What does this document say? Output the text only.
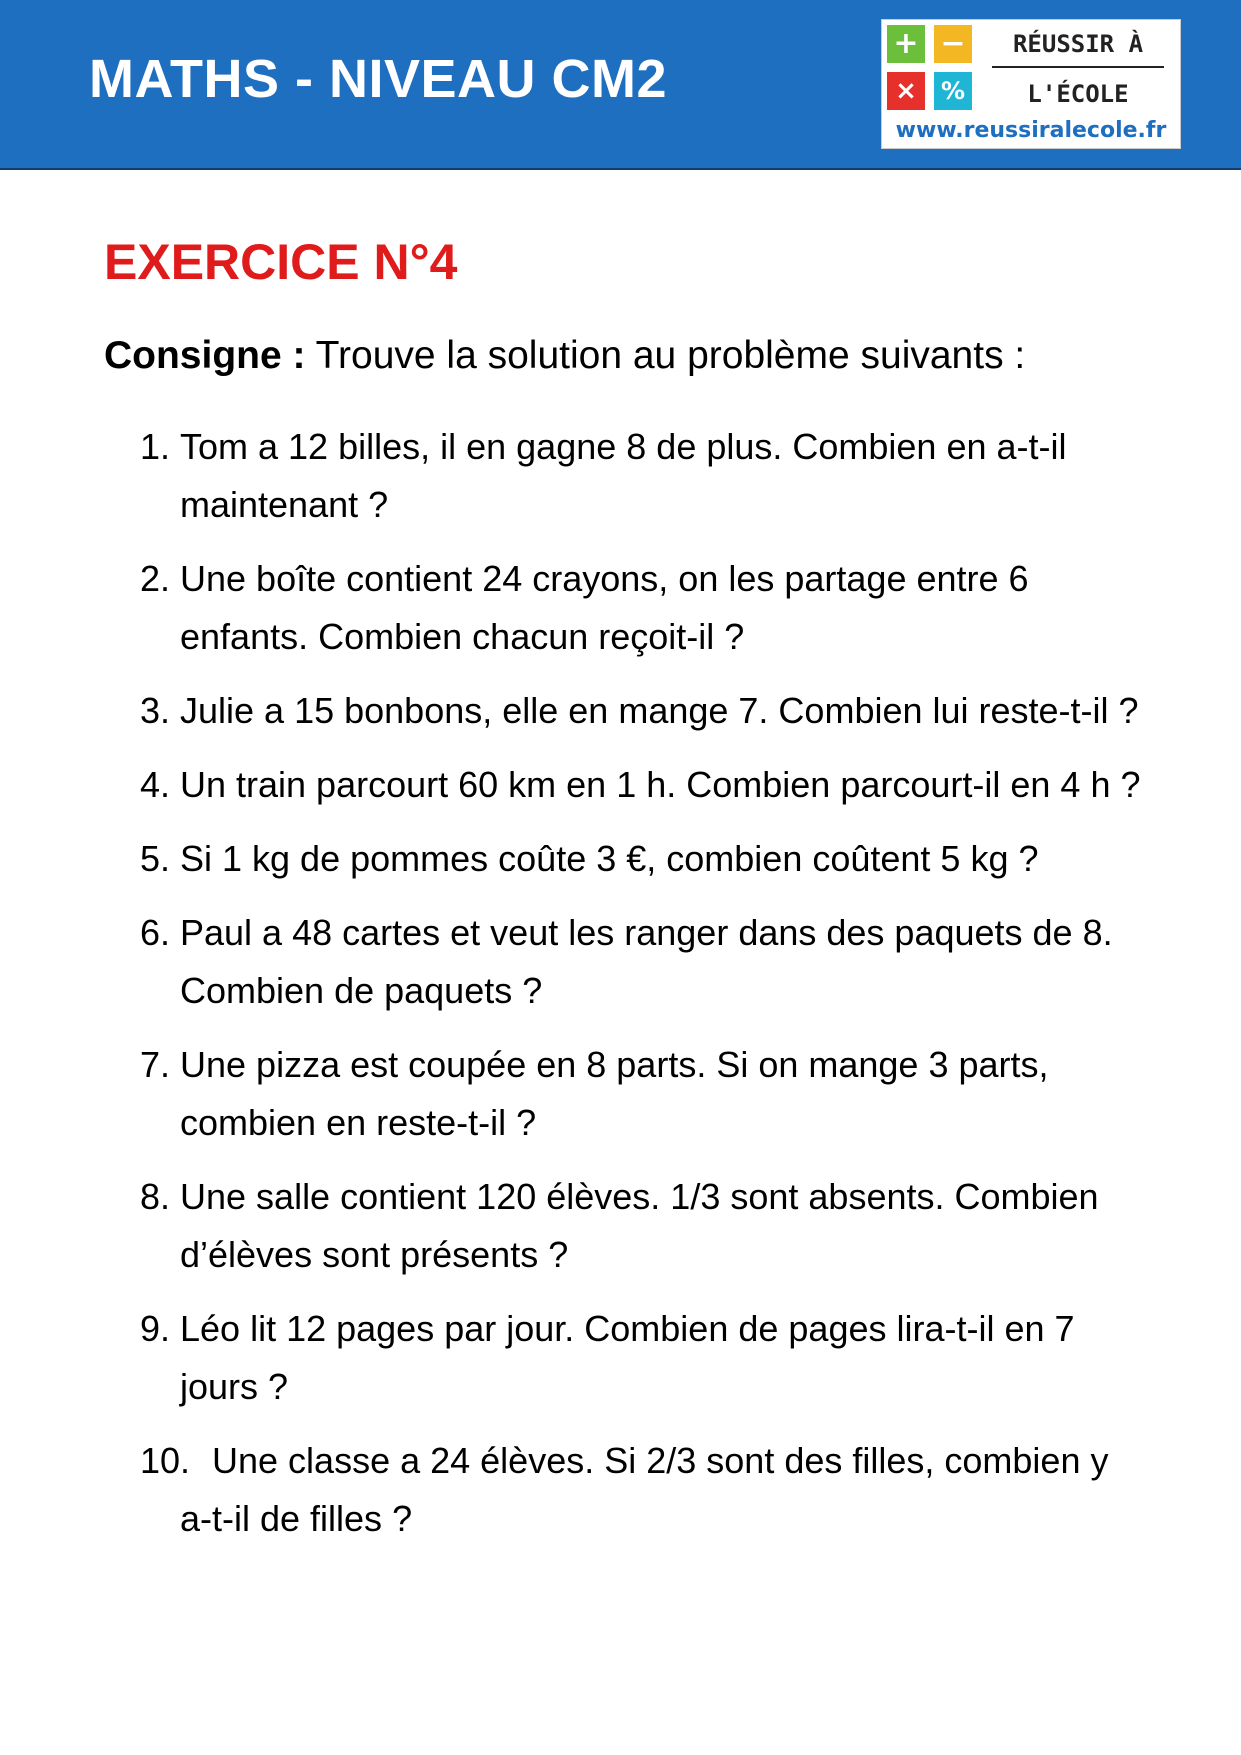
MATHS - NIVEAU CM2
+ −
×	%
RÉUSSIR À
L'ÉCOLE
www.reussiralecole.fr
EXERCICE N°4
Consigne : Trouve la solution au problème suivants :
1. Tom a 12 billes, il en gagne 8 de plus. Combien en a-t-il maintenant ?
2. Une boîte contient 24 crayons, on les partage entre 6 enfants. Combien chacun reçoit-il ?
3. Julie a 15 bonbons, elle en mange 7. Combien lui reste-t-il ?
4. Un train parcourt 60 km en 1 h. Combien parcourt-il en 4 h ?
5. Si 1 kg de pommes coûte 3 €, combien coûtent 5 kg ?
6. Paul a 48 cartes et veut les ranger dans des paquets de 8. Combien de paquets ?
7. Une pizza est coupée en 8 parts. Si on mange 3 parts, combien en reste-t-il ?
8. Une salle contient 120 élèves. 1/3 sont absents. Combien d’élèves sont présents ?
9. Léo lit 12 pages par jour. Combien de pages lira-t-il en 7 jours ?
10. Une classe a 24 élèves. Si 2/3 sont des filles, combien y a-t-il de filles ?
